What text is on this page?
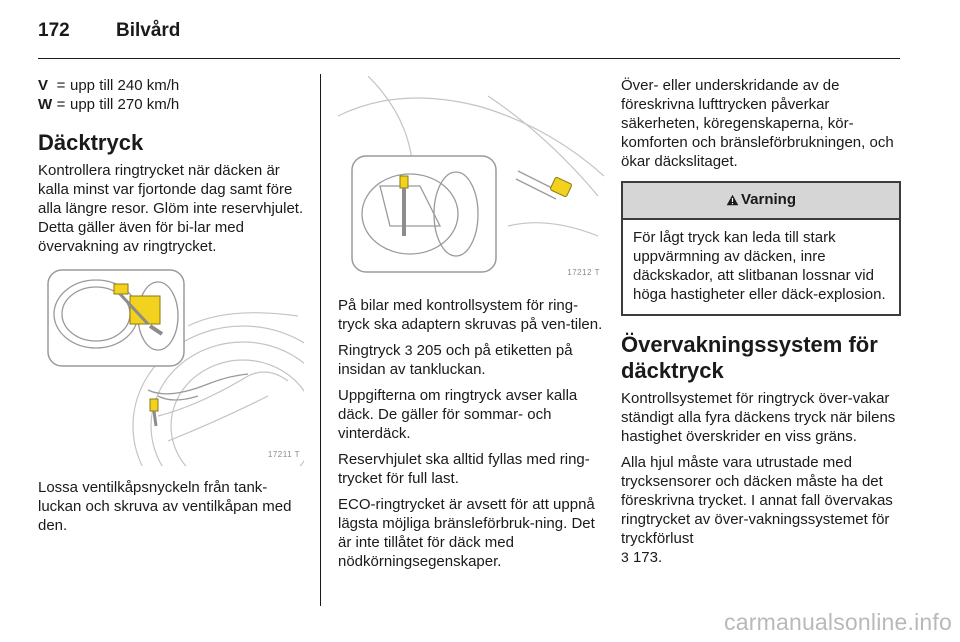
172 Bilvård
V = upp till 240 km/h
W = upp till 270 km/h
Däcktryck

Kontrollera ringtrycket när däcken är kalla minst var fjortonde dag samt före alla längre resor. Glöm inte reservhjulet. Detta gäller även för bi-lar med övervakning av ringtrycket.

17211 T

Lossa ventilkåpsnyckeln från tank-luckan och skruva av ventilkåpan med den.

17212 T

På bilar med kontrollsystem för ring-tryck ska adaptern skruvas på ven-tilen.

Ringtryck 3 205 och på etiketten på insidan av tankluckan.

Uppgifterna om ringtryck avser kalla däck. De gäller för sommar- och vinterdäck.

Reservhjulet ska alltid fyllas med ring-trycket för full last.

ECO-ringtrycket är avsett för att uppnå lägsta möjliga bränsleförbruk-ning. Det är inte tillåtet för däck med nödkörningsegenskaper.

Över- eller underskridande av de föreskrivna lufttrycken påverkar säkerheten, köregenskaperna, kör-komforten och bränsleförbrukningen, och ökar däckslitaget.

Varning
För lågt tryck kan leda till stark uppvärmning av däcken, inre däckskador, att slitbanan lossnar vid höga hastigheter eller däck-explosion.
Övervakningssystem för däcktryck

Kontrollsystemet för ringtryck över-vakar ständigt alla fyra däckens tryck när bilens hastighet överskrider en viss gräns.

Alla hjul måste vara utrustade med trycksensorer och däcken måste ha det föreskrivna trycket. I annat fall övervakas ringtrycket av över-vakningssystemet för tryckförlust
3 173.

carmanualsonline.info
